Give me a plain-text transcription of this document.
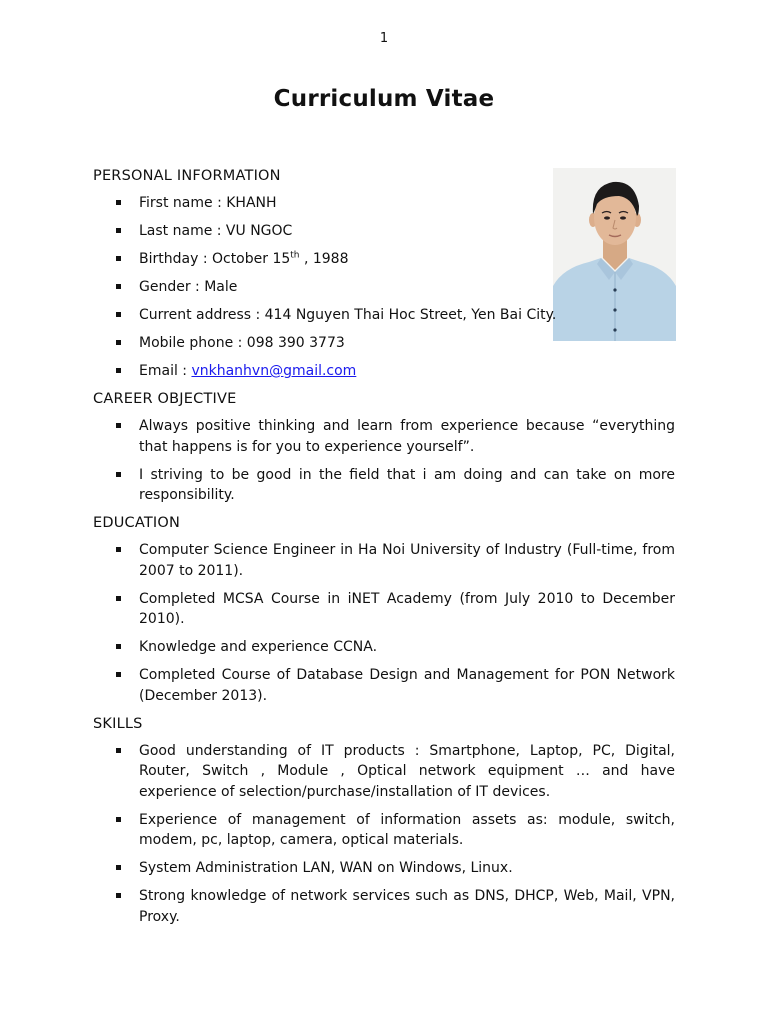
1
Curriculum Vitae
PERSONAL INFORMATION
First name : KHANH
Last name : VU NGOC
Birthday : October 15th , 1988
Gender : Male
Current address : 414 Nguyen Thai Hoc Street, Yen Bai City.
Mobile phone : 098 390 3773
Email : vnkhanhvn@gmail.com
CAREER OBJECTIVE
Always positive thinking and learn from experience because “everything that happens is for you to experience yourself”.
I striving to be good in the field that i am doing and can take on more responsibility.
EDUCATION
Computer Science Engineer in Ha Noi University of Industry (Full-time, from 2007 to 2011).
Completed MCSA Course in iNET Academy (from July 2010 to December 2010).
Knowledge and experience CCNA.
Completed Course of Database Design and Management for PON Network (December 2013).
SKILLS
Good understanding of IT products : Smartphone, Laptop, PC, Digital, Router, Switch , Module , Optical network equipment … and have experience of selection/purchase/installation of IT devices.
Experience of management of information assets as: module, switch, modem, pc, laptop, camera, optical materials.
System Administration LAN, WAN on Windows, Linux.
Strong knowledge of network services such as DNS, DHCP, Web, Mail, VPN, Proxy.
